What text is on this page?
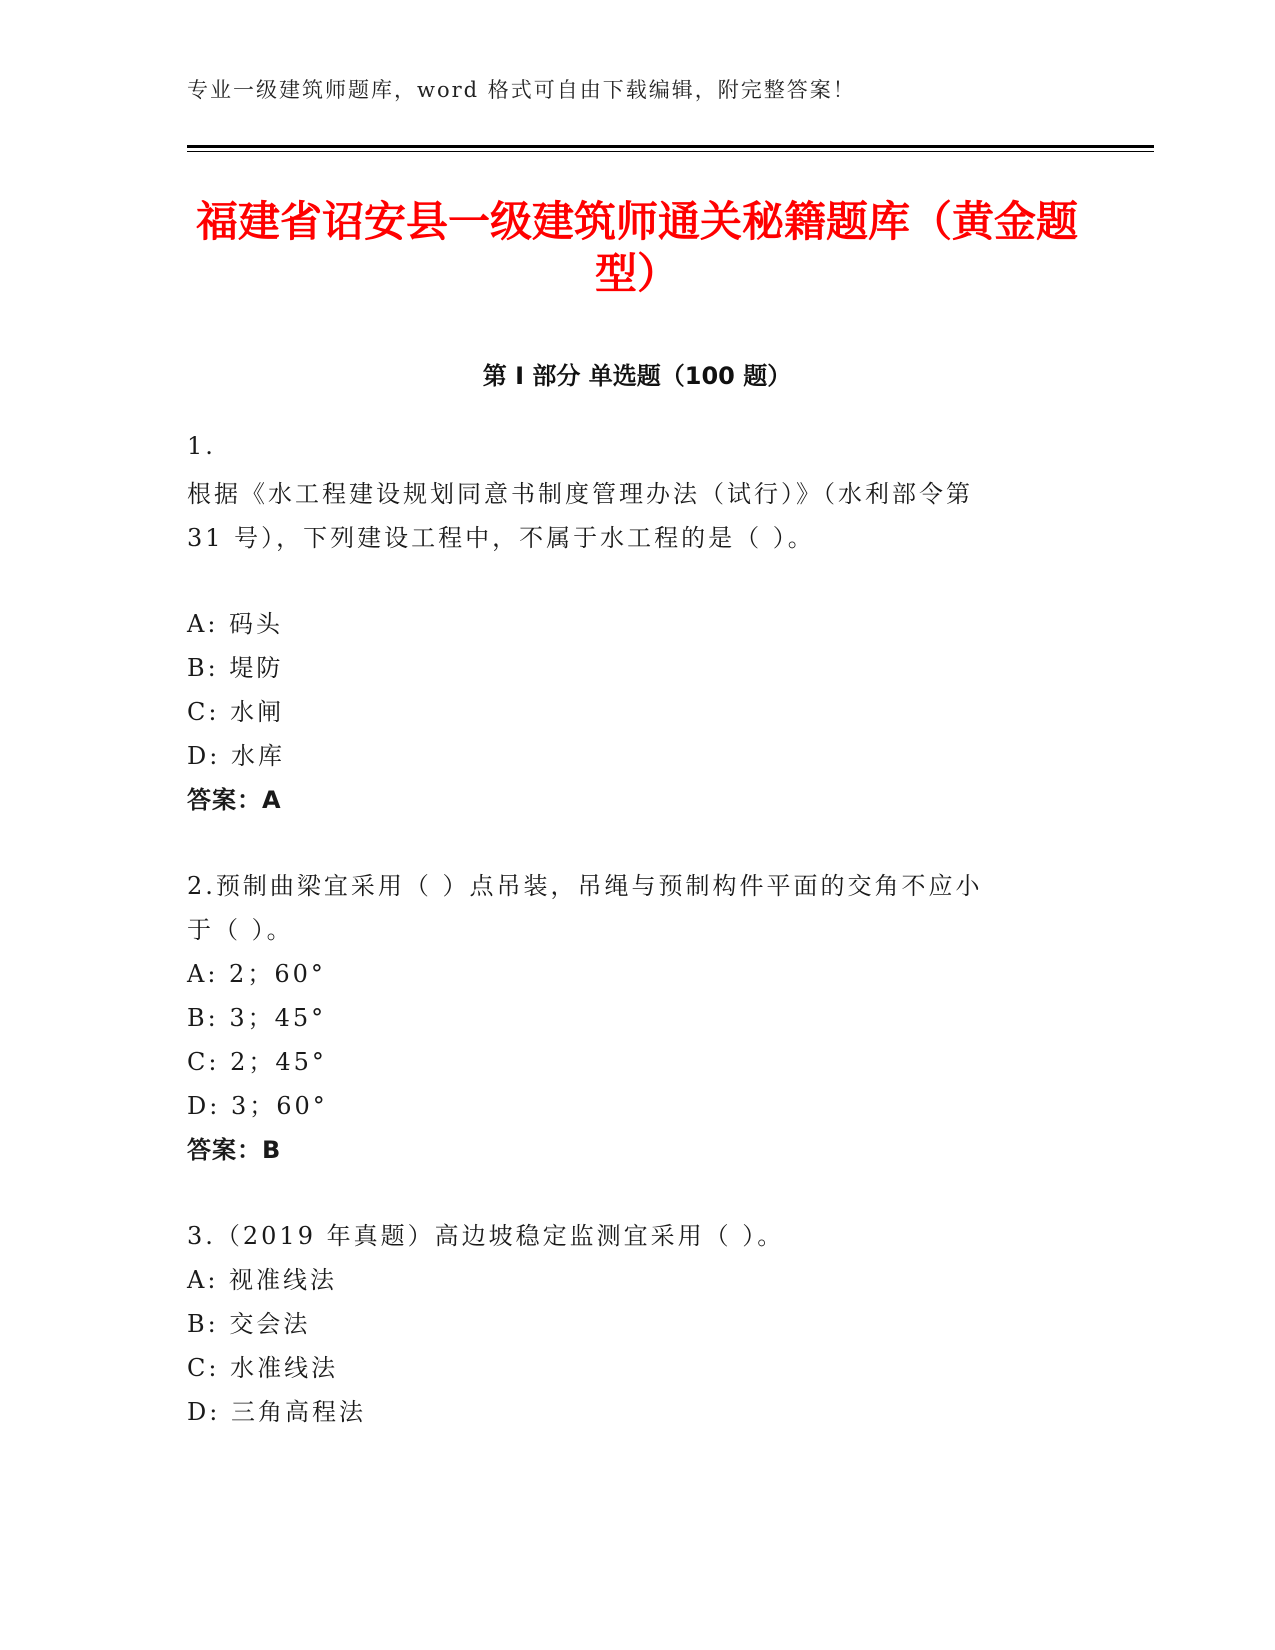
专业一级建筑师题库，word 格式可自由下载编辑，附完整答案！
福建省诏安县一级建筑师通关秘籍题库（黄金题型）
第 I 部分 单选题（100 题）
1.
根据《水工程建设规划同意书制度管理办法（试行）》（水利部令第
31 号），下列建设工程中，不属于水工程的是（ ）。
A: 码头
B: 堤防
C: 水闸
D: 水库
答案：A
2.预制曲梁宜采用（ ）点吊装，吊绳与预制构件平面的交角不应小
于（ ）。
A: 2；60°
B: 3；45°
C: 2；45°
D: 3；60°
答案：B
3.（2019 年真题）高边坡稳定监测宜采用（ ）。
A: 视准线法
B: 交会法
C: 水准线法
D: 三角高程法
